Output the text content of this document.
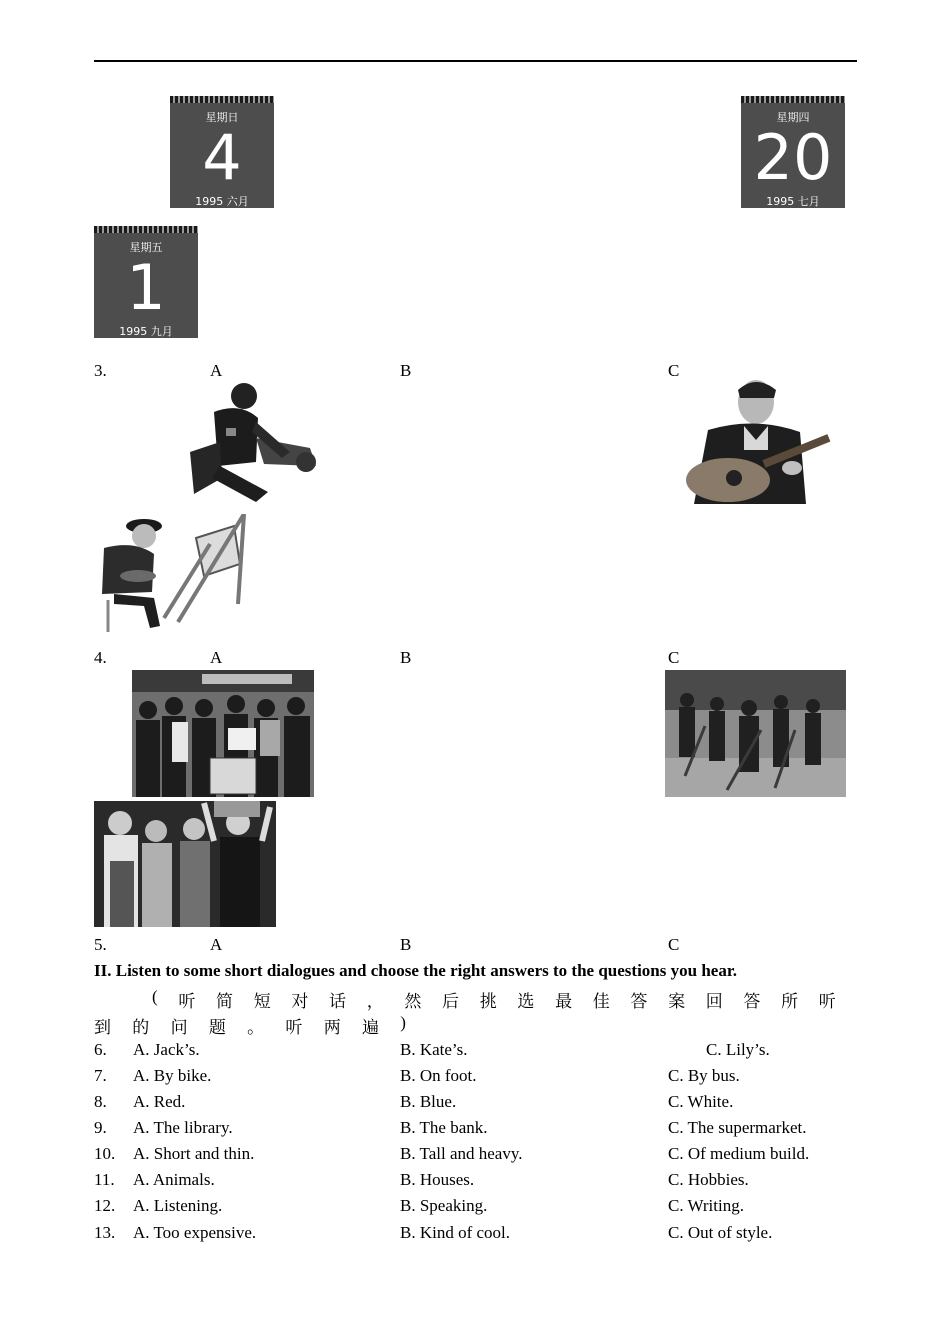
星期日
4
1995 六月
星期四
20
1995 七月
星期五
1
1995 九月
3.	A	B	C
4.	A	B	C
5.	A	B	C
II. Listen to some short dialogues and choose the right answers to the questions you hear.
( 听 简 短 对 话 ， 然 后 挑 选 最 佳 答 案 回 答 所 听
到 的 问 题 。 听 两 遍 )
6. A. Jack’s.	B. Kate’s.	C. Lily’s.
7. A. By bike.	B. On foot.	C. By bus.
8. A. Red.	B. Blue.	C. White.
9. A. The library.	B. The bank.	C. The supermarket.
10. A. Short and thin.	B. Tall and heavy.	C. Of medium build.
11. A. Animals.	B. Houses.	C. Hobbies.
12. A. Listening.	B. Speaking.	C. Writing.
13. A. Too expensive.	B. Kind of cool.	C. Out of style.
